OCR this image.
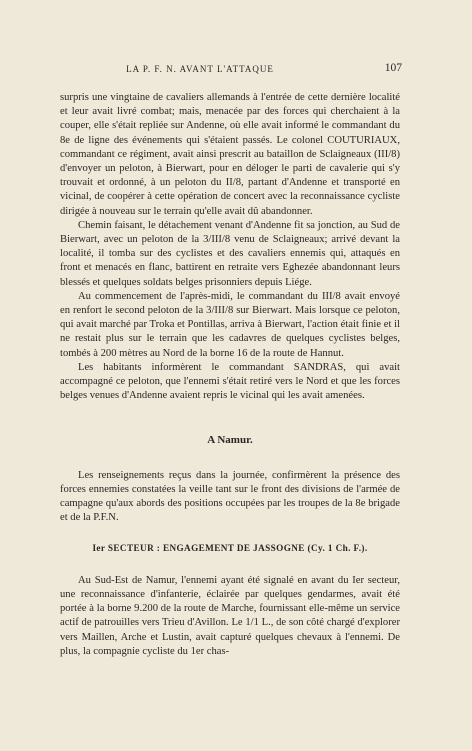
LA P. F. N. AVANT L'ATTAQUE	107

surpris une vingtaine de cavaliers allemands à l'entrée de cette dernière localité et leur avait livré combat; mais, menacée par des forces qui cherchaient à la couper, elle s'était repliée sur Andenne, où elle avait informé le commandant du 8e de ligne des événements qui s'étaient passés. Le colonel COUTURIAUX, commandant ce régiment, avait ainsi prescrit au bataillon de Sclaigneaux (III/8) d'envoyer un peloton, à Bierwart, pour en déloger le parti de cavalerie qui s'y trouvait et ordonné, à un peloton du II/8, partant d'Andenne et transporté en vicinal, de coopérer à cette opération de concert avec la reconnaissance cycliste dirigée à nouveau sur le terrain qu'elle avait dû abandonner.

Chemin faisant, le détachement venant d'Andenne fit sa jonction, au Sud de Bierwart, avec un peloton de la 3/III/8 venu de Sclaigneaux; arrivé devant la localité, il tomba sur des cyclistes et des cavaliers ennemis qui, attaqués en front et menacés en flanc, battirent en retraite vers Eghezée abandonnant leurs blessés et quelques soldats belges prisonniers depuis Liége.

Au commencement de l'après-midi, le commandant du III/8 avait envoyé en renfort le second peloton de la 3/III/8 sur Bierwart. Mais lorsque ce peloton, qui avait marché par Troka et Pontillas, arriva à Bierwart, l'action était finie et il ne restait plus sur le terrain que les cadavres de quelques cyclistes belges, tombés à 200 mètres au Nord de la borne 16 de la route de Hannut.

Les habitants informèrent le commandant SANDRAS, qui avait accompagné ce peloton, que l'ennemi s'était retiré vers le Nord et que les forces belges venues d'Andenne avaient repris le vicinal qui les avait amenées.

A Namur.

Les renseignements reçus dans la journée, confirmèrent la présence des forces ennemies constatées la veille tant sur le front des divisions de l'armée de campagne qu'aux abords des positions occupées par les troupes de la 8e brigade et de la P.F.N.

Ier SECTEUR : ENGAGEMENT DE JASSOGNE (Cy. 1 Ch. F.).

Au Sud-Est de Namur, l'ennemi ayant été signalé en avant du Ier secteur, une reconnaissance d'infanterie, éclairée par quelques gendarmes, avait été portée à la borne 9.200 de la route de Marche, fournissant elle-même un service actif de patrouilles vers Trieu d'Avillon. Le 1/1 L., de son côté chargé d'explorer vers Maillen, Arche et Lustin, avait capturé quelques chevaux à l'ennemi. De plus, la compagnie cycliste du 1er chas-
